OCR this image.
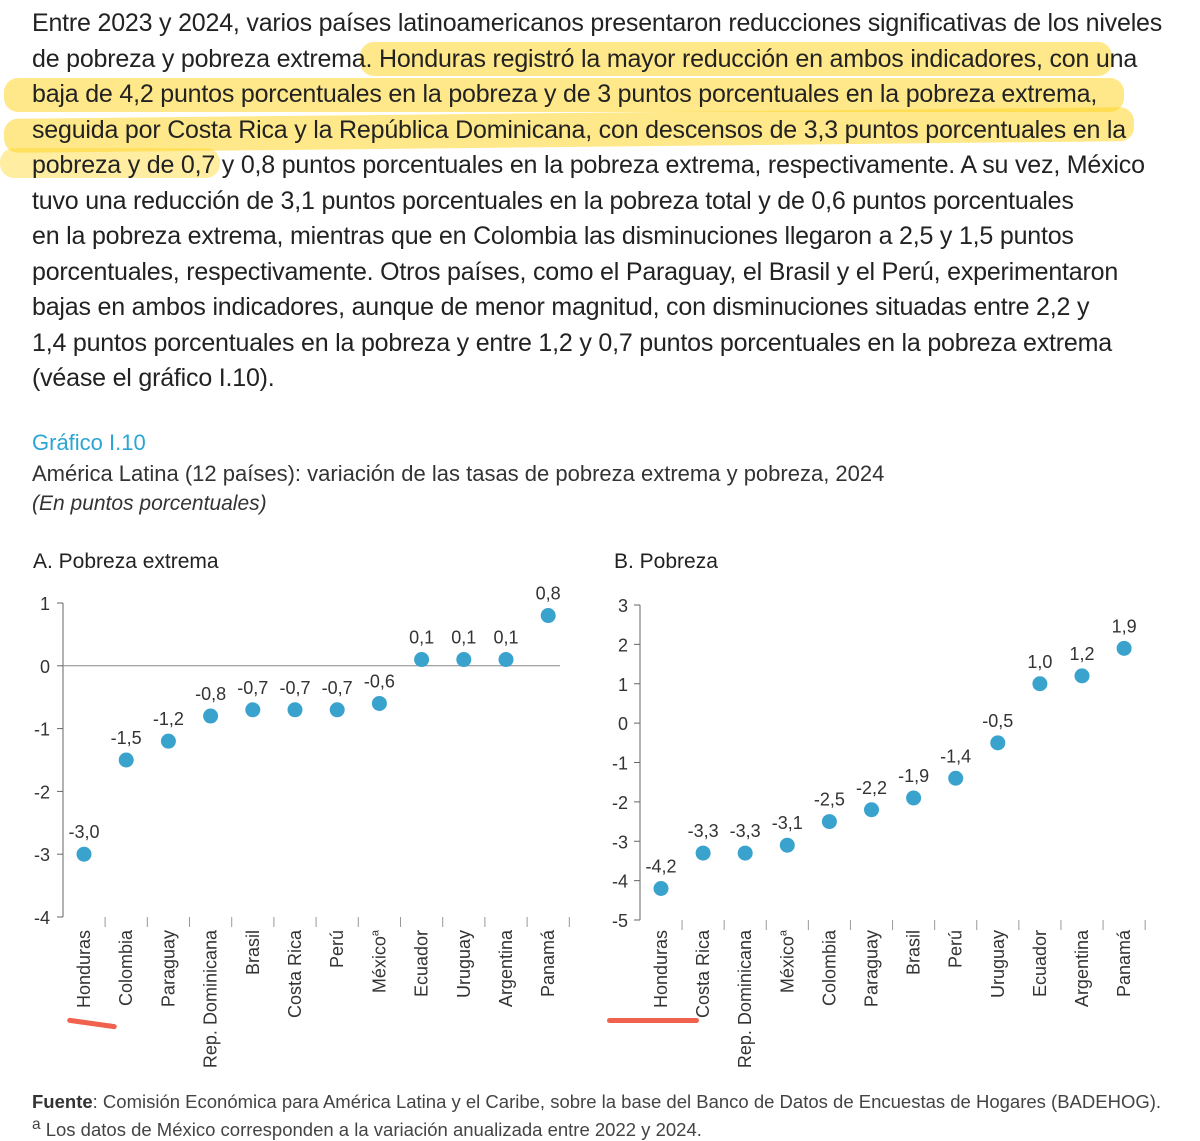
Entre 2023 y 2024, varios países latinoamericanos presentaron reducciones significativas de los niveles
de pobreza y pobreza extrema. Honduras registró la mayor reducción en ambos indicadores, con una
baja de 4,2 puntos porcentuales en la pobreza y de 3 puntos porcentuales en la pobreza extrema,
seguida por Costa Rica y la República Dominicana, con descensos de 3,3 puntos porcentuales en la
pobreza y de 0,7 y 0,8 puntos porcentuales en la pobreza extrema, respectivamente. A su vez, México
tuvo una reducción de 3,1 puntos porcentuales en la pobreza total y de 0,6 puntos porcentuales
en la pobreza extrema, mientras que en Colombia las disminuciones llegaron a 2,5 y 1,5 puntos
porcentuales, respectivamente. Otros países, como el Paraguay, el Brasil y el Perú, experimentaron
bajas en ambos indicadores, aunque de menor magnitud, con disminuciones situadas entre 2,2 y
1,4 puntos porcentuales en la pobreza y entre 1,2 y 0,7 puntos porcentuales en la pobreza extrema
(véase el gráfico I.10).
Gráfico I.10
América Latina (12 países): variación de las tasas de pobreza extrema y pobreza, 2024
(En puntos porcentuales)
A. Pobreza extrema	B. Pobreza
1
0
-1
-2
-3
-4
-3,0
Honduras
-1,5
Colombia
-1,2
Paraguay
-0,8
Rep. Dominicana
-0,7
Brasil
-0,7
Costa Rica
-0,7
Perú
-0,6
México$^a$
0,1
Ecuador
0,1
Uruguay
0,1
Argentina
0,8
Panamá
3
2
1
0
-1
-2
-3
-4
-5
-4,2
Honduras
-3,3
Costa Rica
-3,3
Rep. Dominicana
-3,1
México$^a$
-2,5
Colombia
-2,2
Paraguay
-1,9
Brasil
-1,4
Perú
-0,5
Uruguay
1,0
Ecuador
1,2
Argentina
1,9
Panamá
Fuente: Comisión Económica para América Latina y el Caribe, sobre la base del Banco de Datos de Encuestas de Hogares (BADEHOG).
$^a$ Los datos de México corresponden a la variación anualizada entre 2022 y 2024.
